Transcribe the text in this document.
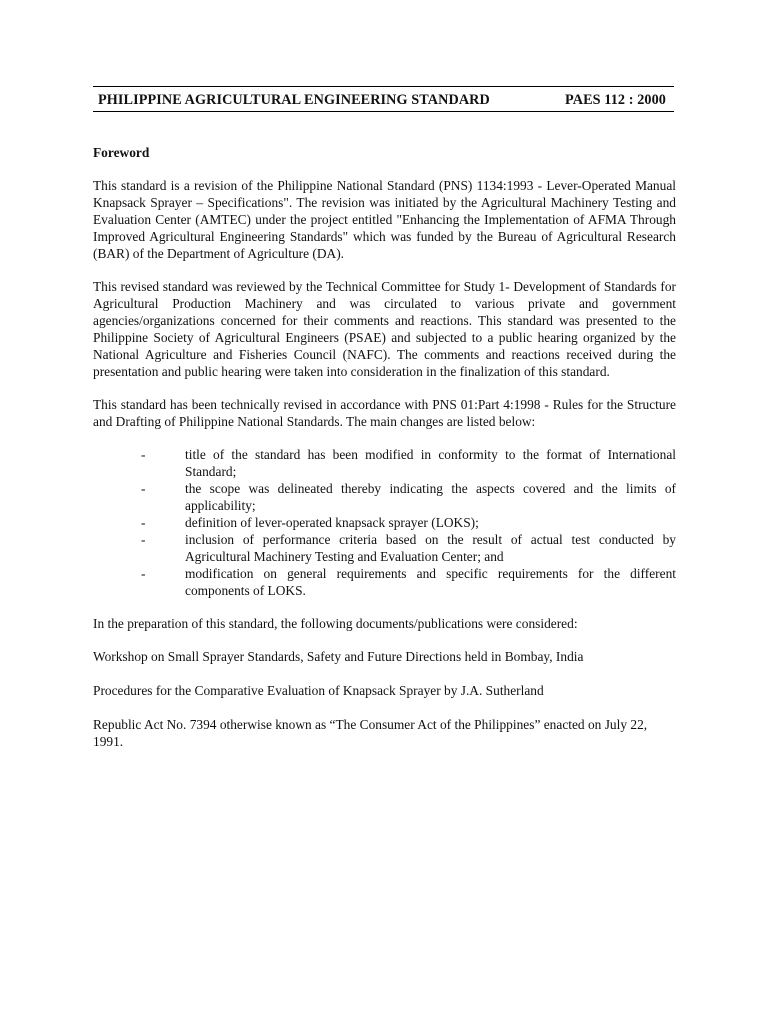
PHILIPPINE AGRICULTURAL ENGINEERING STANDARD	PAES 112 : 2000

Foreword

This standard is a revision of the Philippine National Standard (PNS) 1134:1993 - Lever-Operated Manual Knapsack Sprayer – Specifications". The revision was initiated by the Agricultural Machinery Testing and Evaluation Center (AMTEC) under the project entitled "Enhancing the Implementation of AFMA Through Improved Agricultural Engineering Standards" which was funded by the Bureau of Agricultural Research (BAR) of the Department of Agriculture (DA).

This revised standard was reviewed by the Technical Committee for Study 1- Development of Standards for Agricultural Production Machinery and was circulated to various private and government agencies/organizations concerned for their comments and reactions. This standard was presented to the Philippine Society of Agricultural Engineers (PSAE) and subjected to a public hearing organized by the National Agriculture and Fisheries Council (NAFC). The comments and reactions received during the presentation and public hearing were taken into consideration in the finalization of this standard.

This standard has been technically revised in accordance with PNS 01:Part 4:1998 - Rules for the Structure and Drafting of Philippine National Standards. The main changes are listed below:

-	title of the standard has been modified in conformity to the format of International Standard;
-	the scope was delineated thereby indicating the aspects covered and the limits of applicability;
-	definition of lever-operated knapsack sprayer (LOKS);
-	inclusion of performance criteria based on the result of actual test conducted by Agricultural Machinery Testing and Evaluation Center; and
-	modification on general requirements and specific requirements for the different components of LOKS.

In the preparation of this standard, the following documents/publications were considered:

Workshop on Small Sprayer Standards, Safety and Future Directions held in Bombay, India

Procedures for the Comparative Evaluation of Knapsack Sprayer by J.A. Sutherland

Republic Act No. 7394 otherwise known as “The Consumer Act of the Philippines” enacted on July 22, 1991.
